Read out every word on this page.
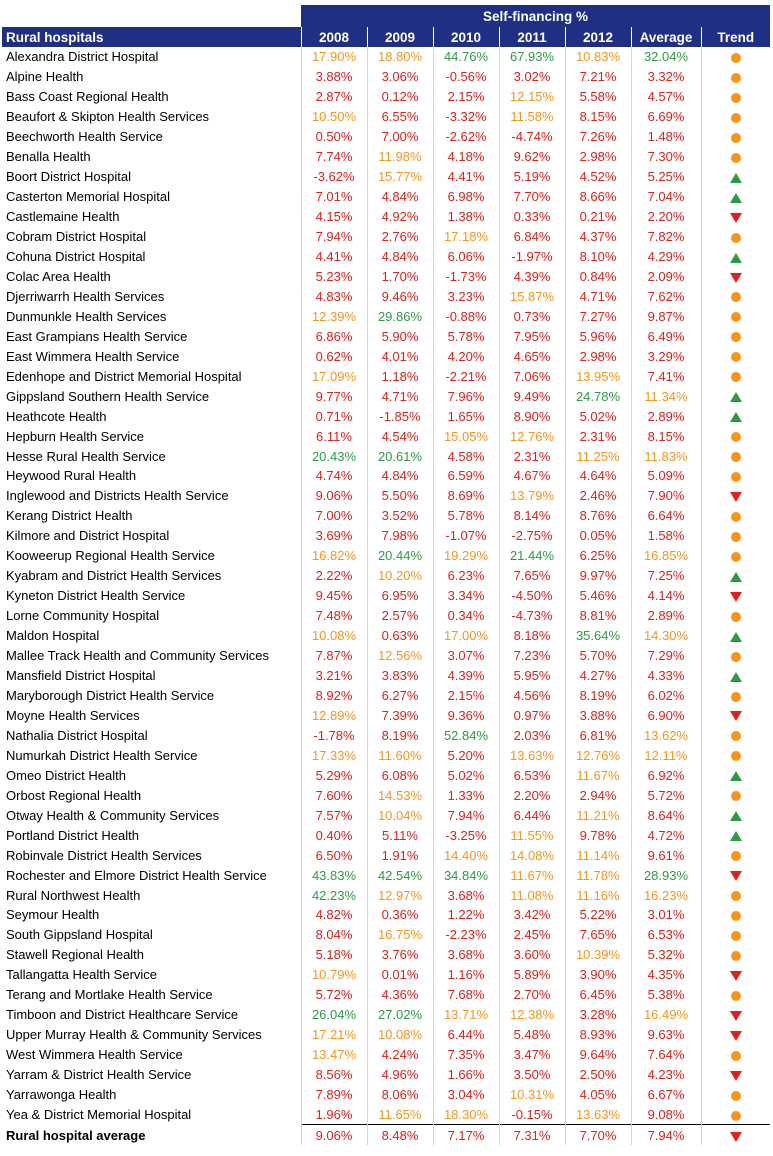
	Self-financing %						
Rural hospitals	2008	2009	2010	2011	2012	Average	Trend
Alexandra District Hospital	17.90%	18.80%	44.76%	67.93%	10.83%	32.04%	
Alpine Health	3.88%	3.06%	-0.56%	3.02%	7.21%	3.32%	
Bass Coast Regional Health	2.87%	0.12%	2.15%	12.15%	5.58%	4.57%	
Beaufort & Skipton Health Services	10.50%	6.55%	-3.32%	11.58%	8.15%	6.69%	
Beechworth Health Service	0.50%	7.00%	-2.62%	-4.74%	7.26%	1.48%	
Benalla Health	7.74%	11.98%	4.18%	9.62%	2.98%	7.30%	
Boort District Hospital	-3.62%	15.77%	4.41%	5.19%	4.52%	5.25%	
Casterton Memorial Hospital	7.01%	4.84%	6.98%	7.70%	8.66%	7.04%	
Castlemaine Health	4.15%	4.92%	1.38%	0.33%	0.21%	2.20%	
Cobram District Hospital	7.94%	2.76%	17.18%	6.84%	4.37%	7.82%	
Cohuna District Hospital	4.41%	4.84%	6.06%	-1.97%	8.10%	4.29%	
Colac Area Health	5.23%	1.70%	-1.73%	4.39%	0.84%	2.09%	
Djerriwarrh Health Services	4.83%	9.46%	3.23%	15.87%	4.71%	7.62%	
Dunmunkle Health Services	12.39%	29.86%	-0.88%	0.73%	7.27%	9.87%	
East Grampians Health Service	6.86%	5.90%	5.78%	7.95%	5.96%	6.49%	
East Wimmera Health Service	0.62%	4.01%	4.20%	4.65%	2.98%	3.29%	
Edenhope and District Memorial Hospital	17.09%	1.18%	-2.21%	7.06%	13.95%	7.41%	
Gippsland Southern Health Service	9.77%	4.71%	7.96%	9.49%	24.78%	11.34%	
Heathcote Health	0.71%	-1.85%	1.65%	8.90%	5.02%	2.89%	
Hepburn Health Service	6.11%	4.54%	15.05%	12.76%	2.31%	8.15%	
Hesse Rural Health Service	20.43%	20.61%	4.58%	2.31%	11.25%	11.83%	
Heywood Rural Health	4.74%	4.84%	6.59%	4.67%	4.64%	5.09%	
Inglewood and Districts Health Service	9.06%	5.50%	8.69%	13.79%	2.46%	7.90%	
Kerang District Health	7.00%	3.52%	5.78%	8.14%	8.76%	6.64%	
Kilmore and District Hospital	3.69%	7.98%	-1.07%	-2.75%	0.05%	1.58%	
Kooweerup Regional Health Service	16.82%	20.44%	19.29%	21.44%	6.25%	16.85%	
Kyabram and District Health Services	2.22%	10.20%	6.23%	7.65%	9.97%	7.25%	
Kyneton District Health Service	9.45%	6.95%	3.34%	-4.50%	5.46%	4.14%	
Lorne Community Hospital	7.48%	2.57%	0.34%	-4.73%	8.81%	2.89%	
Maldon Hospital	10.08%	0.63%	17.00%	8.18%	35.64%	14.30%	
Mallee Track Health and Community Services	7.87%	12.56%	3.07%	7.23%	5.70%	7.29%	
Mansfield District Hospital	3.21%	3.83%	4.39%	5.95%	4.27%	4.33%	
Maryborough District Health Service	8.92%	6.27%	2.15%	4.56%	8.19%	6.02%	
Moyne Health Services	12.89%	7.39%	9.36%	0.97%	3.88%	6.90%	
Nathalia District Hospital	-1.78%	8.19%	52.84%	2.03%	6.81%	13.62%	
Numurkah District Health Service	17.33%	11.60%	5.20%	13.63%	12.76%	12.11%	
Omeo District Health	5.29%	6.08%	5.02%	6.53%	11.67%	6.92%	
Orbost Regional Health	7.60%	14.53%	1.33%	2.20%	2.94%	5.72%	
Otway Health & Community Services	7.57%	10.04%	7.94%	6.44%	11.21%	8.64%	
Portland District Health	0.40%	5.11%	-3.25%	11.55%	9.78%	4.72%	
Robinvale District Health Services	6.50%	1.91%	14.40%	14.08%	11.14%	9.61%	
Rochester and Elmore District Health Service	43.83%	42.54%	34.84%	11.67%	11.78%	28.93%	
Rural Northwest Health	42.23%	12.97%	3.68%	11.08%	11.16%	16.23%	
Seymour Health	4.82%	0.36%	1.22%	3.42%	5.22%	3.01%	
South Gippsland Hospital	8.04%	16.75%	-2.23%	2.45%	7.65%	6.53%	
Stawell Regional Health	5.18%	3.76%	3.68%	3.60%	10.39%	5.32%	
Tallangatta Health Service	10.79%	0.01%	1.16%	5.89%	3.90%	4.35%	
Terang and Mortlake Health Service	5.72%	4.36%	7.68%	2.70%	6.45%	5.38%	
Timboon and District Healthcare Service	26.04%	27.02%	13.71%	12.38%	3.28%	16.49%	
Upper Murray Health & Community Services	17.21%	10.08%	6.44%	5.48%	8.93%	9.63%	
West Wimmera Health Service	13.47%	4.24%	7.35%	3.47%	9.64%	7.64%	
Yarram & District Health Service	8.56%	4.96%	1.66%	3.50%	2.50%	4.23%	
Yarrawonga Health	7.89%	8.06%	3.04%	10.31%	4.05%	6.67%	
Yea & District Memorial Hospital	1.96%	11.65%	18.30%	-0.15%	13.63%	9.08%	
Rural hospital average	9.06%	8.48%	7.17%	7.31%	7.70%	7.94%	
